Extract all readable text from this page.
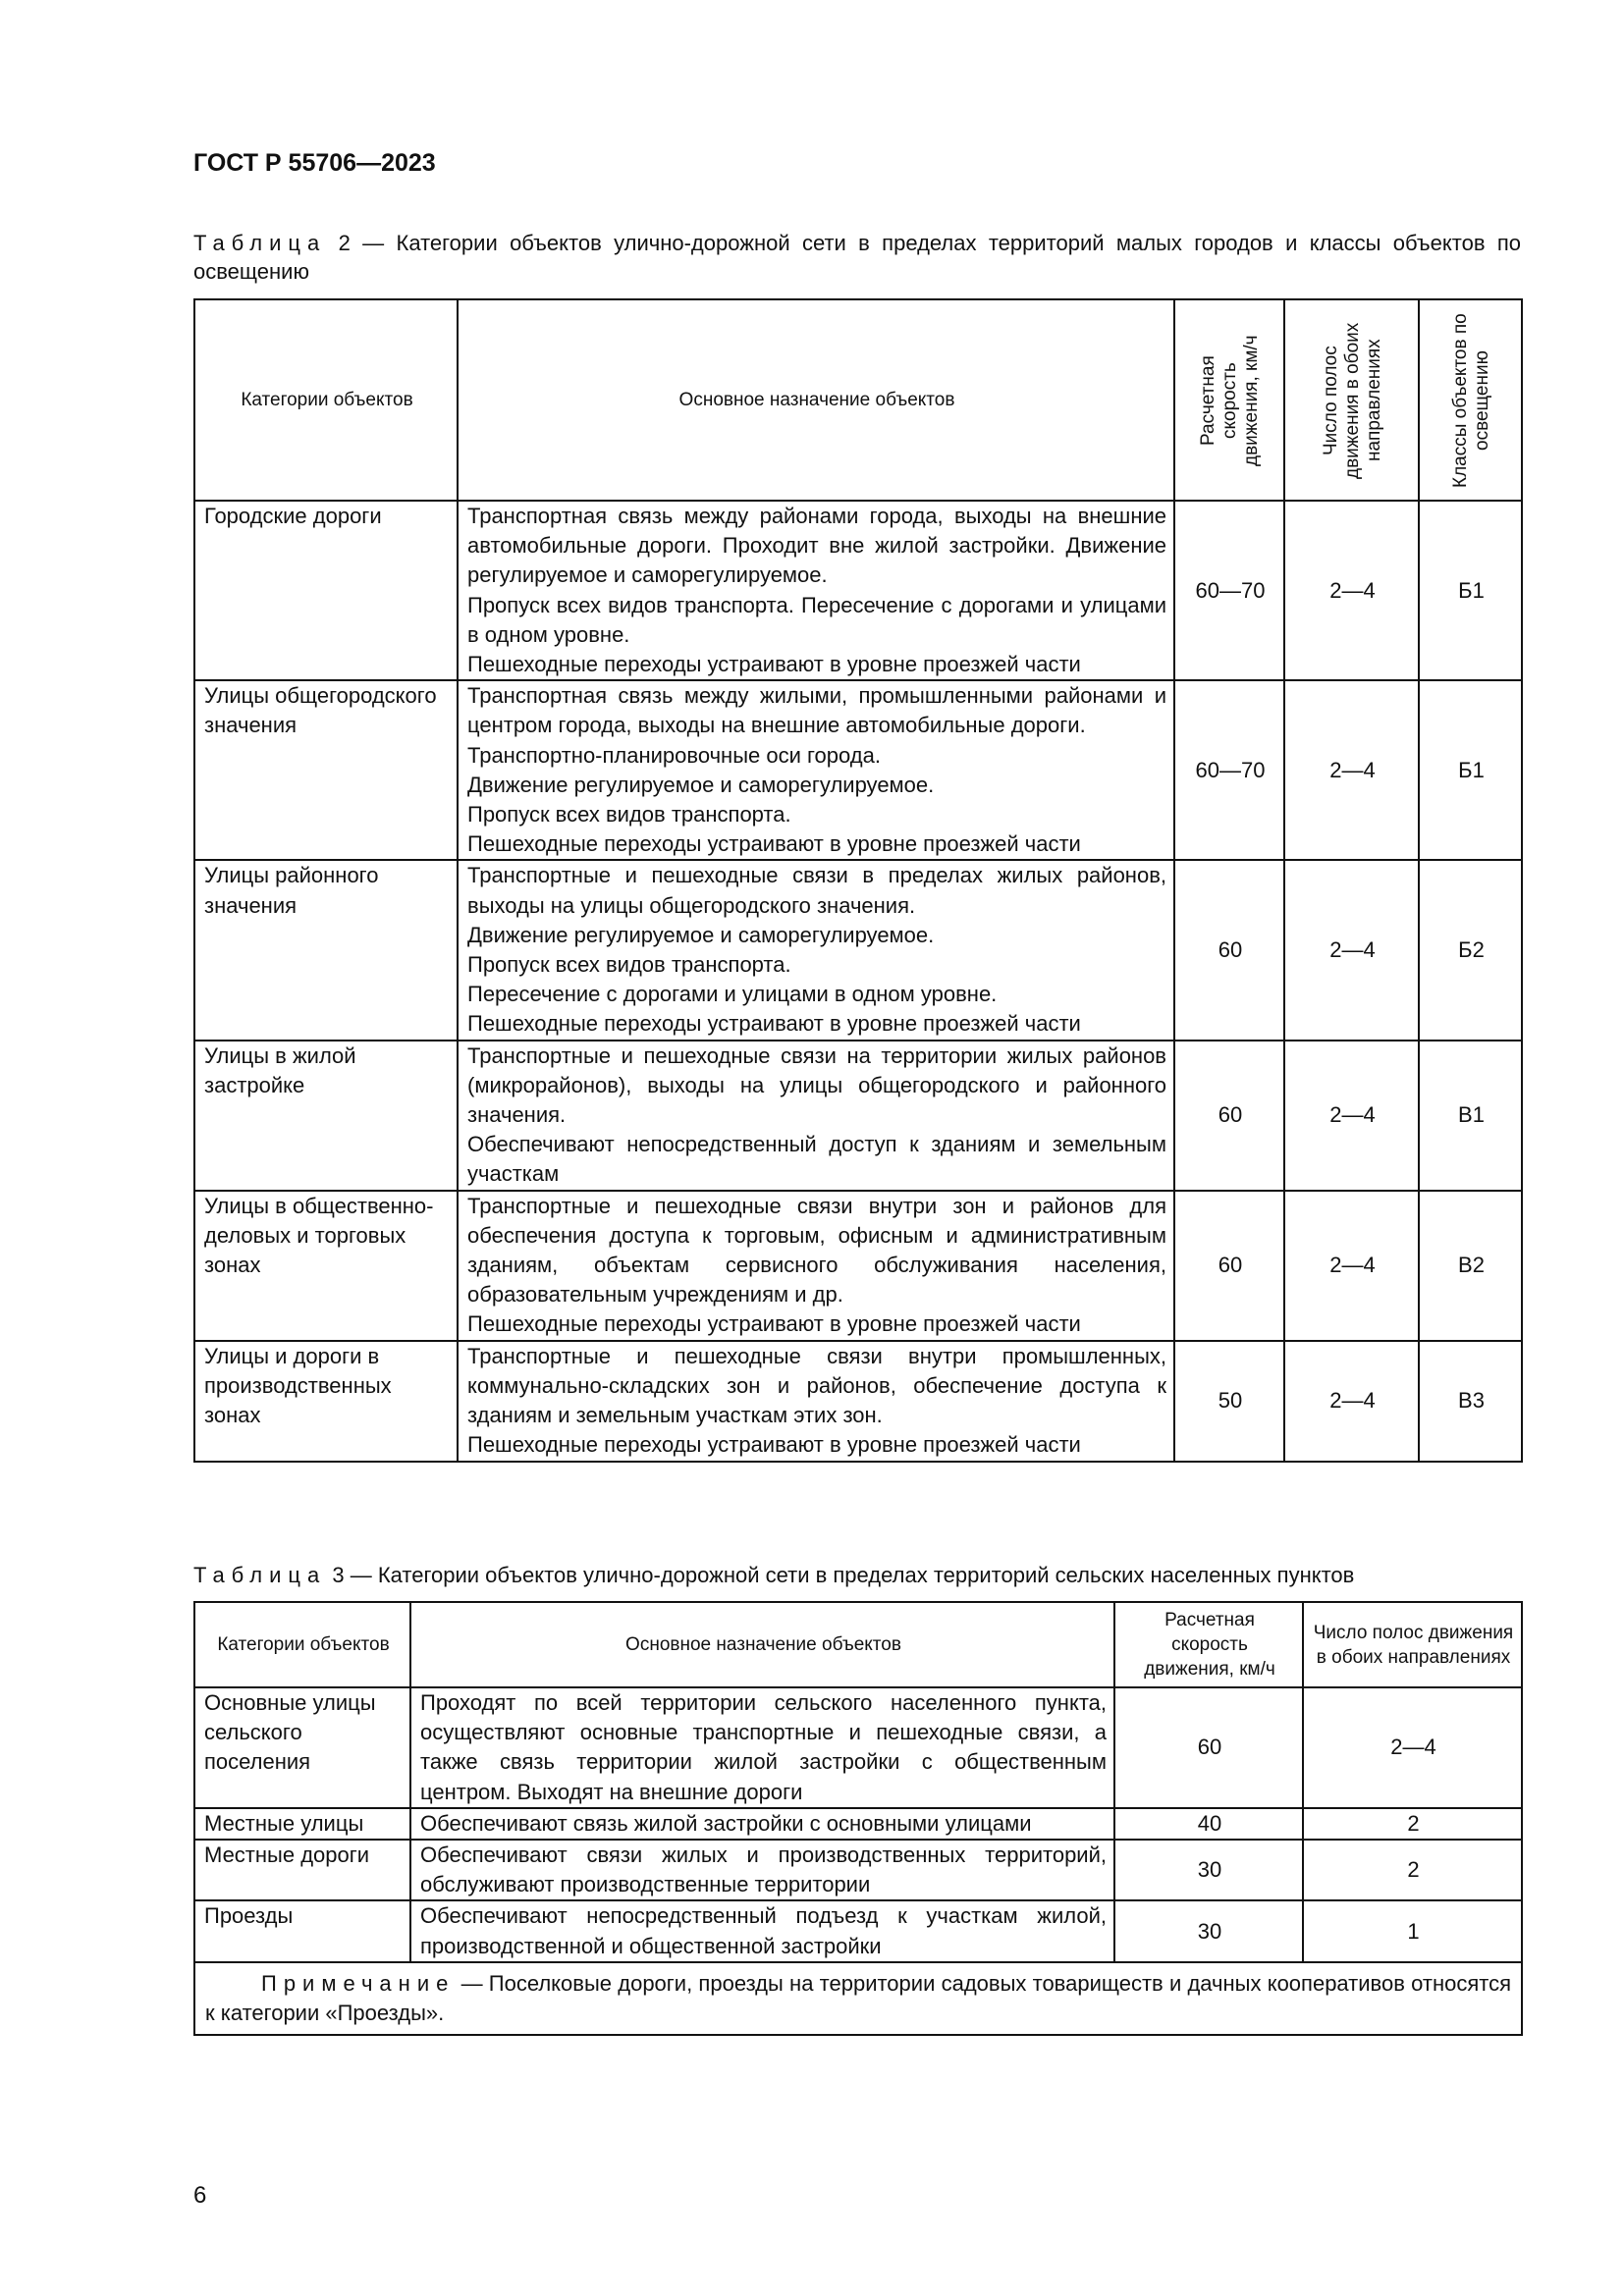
ГОСТ Р 55706—2023

Таблица 2 — Категории объектов улично-дорожной сети в пределах территорий малых городов и классы объектов по освещению

Категории объектов	Основное назначение объектов	Расчетная скорость движения, км/ч	Число полос движения в обоих направлениях	Классы объектов по освещению

Городские дороги	Транспортная связь между районами города, выходы на внешние автомобильные дороги. Проходит вне жилой застройки. Движение регулируемое и саморегулируемое.
Пропуск всех видов транспорта. Пересечение с дорогами и улицами в одном уровне.
Пешеходные переходы устраивают в уровне проезжей части	60—70	2—4	Б1
Улицы общегородского значения	Транспортная связь между жилыми, промышленными районами и центром города, выходы на внешние автомобильные дороги.
Транспортно-планировочные оси города.
Движение регулируемое и саморегулируемое.
Пропуск всех видов транспорта.
Пешеходные переходы устраивают в уровне проезжей части	60—70	2—4	Б1
Улицы районного значения	Транспортные и пешеходные связи в пределах жилых районов, выходы на улицы общегородского значения.
Движение регулируемое и саморегулируемое.
Пропуск всех видов транспорта.
Пересечение с дорогами и улицами в одном уровне.
Пешеходные переходы устраивают в уровне проезжей части	60	2—4	Б2
Улицы в жилой застройке	Транспортные и пешеходные связи на территории жилых районов (микрорайонов), выходы на улицы общегородского и районного значения.
Обеспечивают непосредственный доступ к зданиям и земельным участкам	60	2—4	В1
Улицы в общественно-деловых и торговых зонах	Транспортные и пешеходные связи внутри зон и районов для обеспечения доступа к торговым, офисным и административным зданиям, объектам сервисного обслуживания населения, образовательным учреждениям и др.
Пешеходные переходы устраивают в уровне проезжей части	60	2—4	В2
Улицы и дороги в производственных зонах	Транспортные и пешеходные связи внутри промышленных, коммунально-складских зон и районов, обеспечение доступа к зданиям и земельным участкам этих зон.
Пешеходные переходы устраивают в уровне проезжей части	50	2—4	В3

Таблица 3 — Категории объектов улично-дорожной сети в пределах территорий сельских населенных пунктов

Категории объектов	Основное назначение объектов	Расчетная скорость движения, км/ч	Число полос движения в обоих направлениях
Основные улицы сельского поселения	Проходят по всей территории сельского населенного пункта, осуществляют основные транспортные и пешеходные связи, а также связь территории жилой застройки с общественным центром. Выходят на внешние дороги	60	2—4
Местные улицы	Обеспечивают связь жилой застройки с основными улицами	40	2
Местные дороги	Обеспечивают связи жилых и производственных территорий, обслуживают производственные территории	30	2
Проезды	Обеспечивают непосредственный подъезд к участкам жилой, производственной и общественной застройки	30	1
Примечание — Поселковые дороги, проезды на территории садовых товариществ и дачных кооперативов относятся к категории «Проезды».			

6
